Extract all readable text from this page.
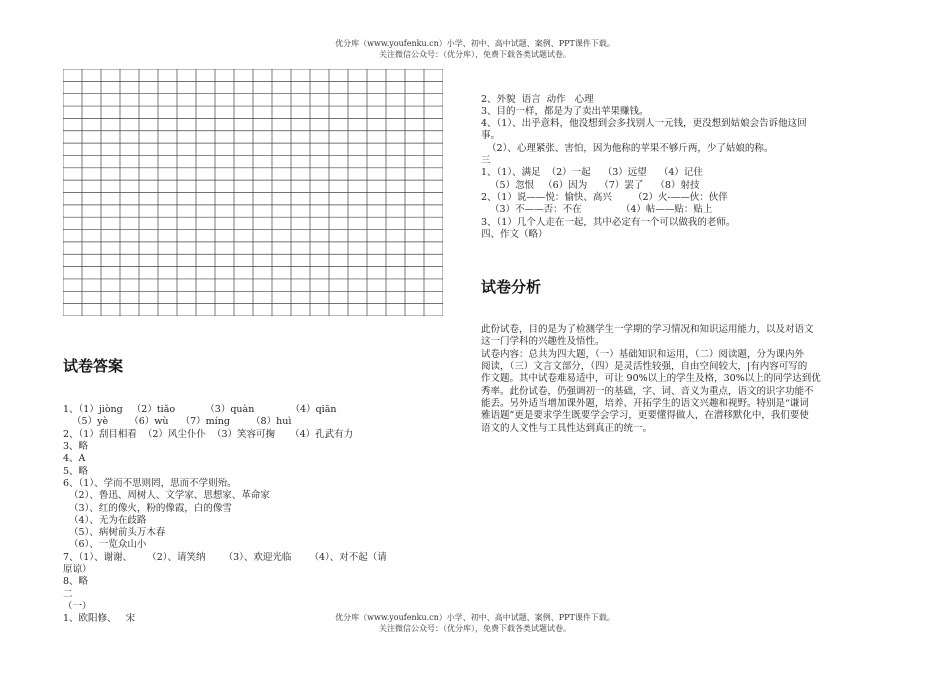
优分库（www.youfenku.cn）小学、初中、高中试题、案例、PPT课件下载。
关注微信公众号：（优分库），免费下载各类试题试卷。

试卷答案

1、（1）jiòng   （2）tiǎo          （3）quàn            （4）qiān
（5）yè       （6）wù    （7）míng       （8）huì
2、（1）刮目相看  （2）风尘仆仆  （3）笑容可掬     （4）孔武有力
3、略
4、A
5、略
6、（1）、学而不思则罔，思而不学则殆。
（2）、鲁迅、周树人、文学家、思想家、革命家
（3）、红的像火，粉的像霞，白的像雪
（4）、无为在歧路
（5）、病树前头万木春
（6）、一览众山小
7、（1）、谢谢、     （2）、请笑纳      （3）、欢迎光临      （4）、对不起（请
原谅）
8、略
二
（一）
1、欧阳修、   宋

2、外貌  语言  动作   心理
3、目的一样，都是为了卖出苹果赚钱。
4、（1）、出乎意料，他没想到会多找别人一元钱，更没想到姑娘会告诉他这回
事。
（2）、心理紧张、害怕，因为他称的苹果不够斤两，少了姑娘的称。
三
1、（1）、满足  （2）一起    （3）远望    （4）记住
（5）忽恨   （6）因为    （7）罢了    （8）射技
2、（1）说——悦：愉快、高兴       （2）火-——伙：伙伴
（3）不——否：不在             （4）帖——贴：贴上
3、（1）几个人走在一起，其中必定有一个可以做我的老师。
四、作文（略）

试卷分析

此份试卷，目的是为了检测学生一学期的学习情况和知识运用能力，以及对语文
这一门学科的兴趣性及悟性。
试卷内容：总共为四大题，（一）基础知识和运用，（二）阅读题，分为课内外
阅读，（三）文言文部分，（四）是灵活性较强，自由空间较大，|有内容可写的
作文题。其中试卷难易适中，可让 90%以上的学生及格，30%以上的同学达到优
秀率。此份试卷，仍强调初一的基础，字、词、音义为重点，语文的识字功能不
能丢。另外适当增加课外题，培养、开拓学生的语文兴趣和视野。特别是“谦词
雅语题”更是要求学生既要学会学习，更要懂得做人，在潜移默化中，我们要使
语文的人文性与工具性达到真正的统一。

优分库（www.youfenku.cn）小学、初中、高中试题、案例、PPT课件下载。
关注微信公众号：（优分库），免费下载各类试题试卷。
